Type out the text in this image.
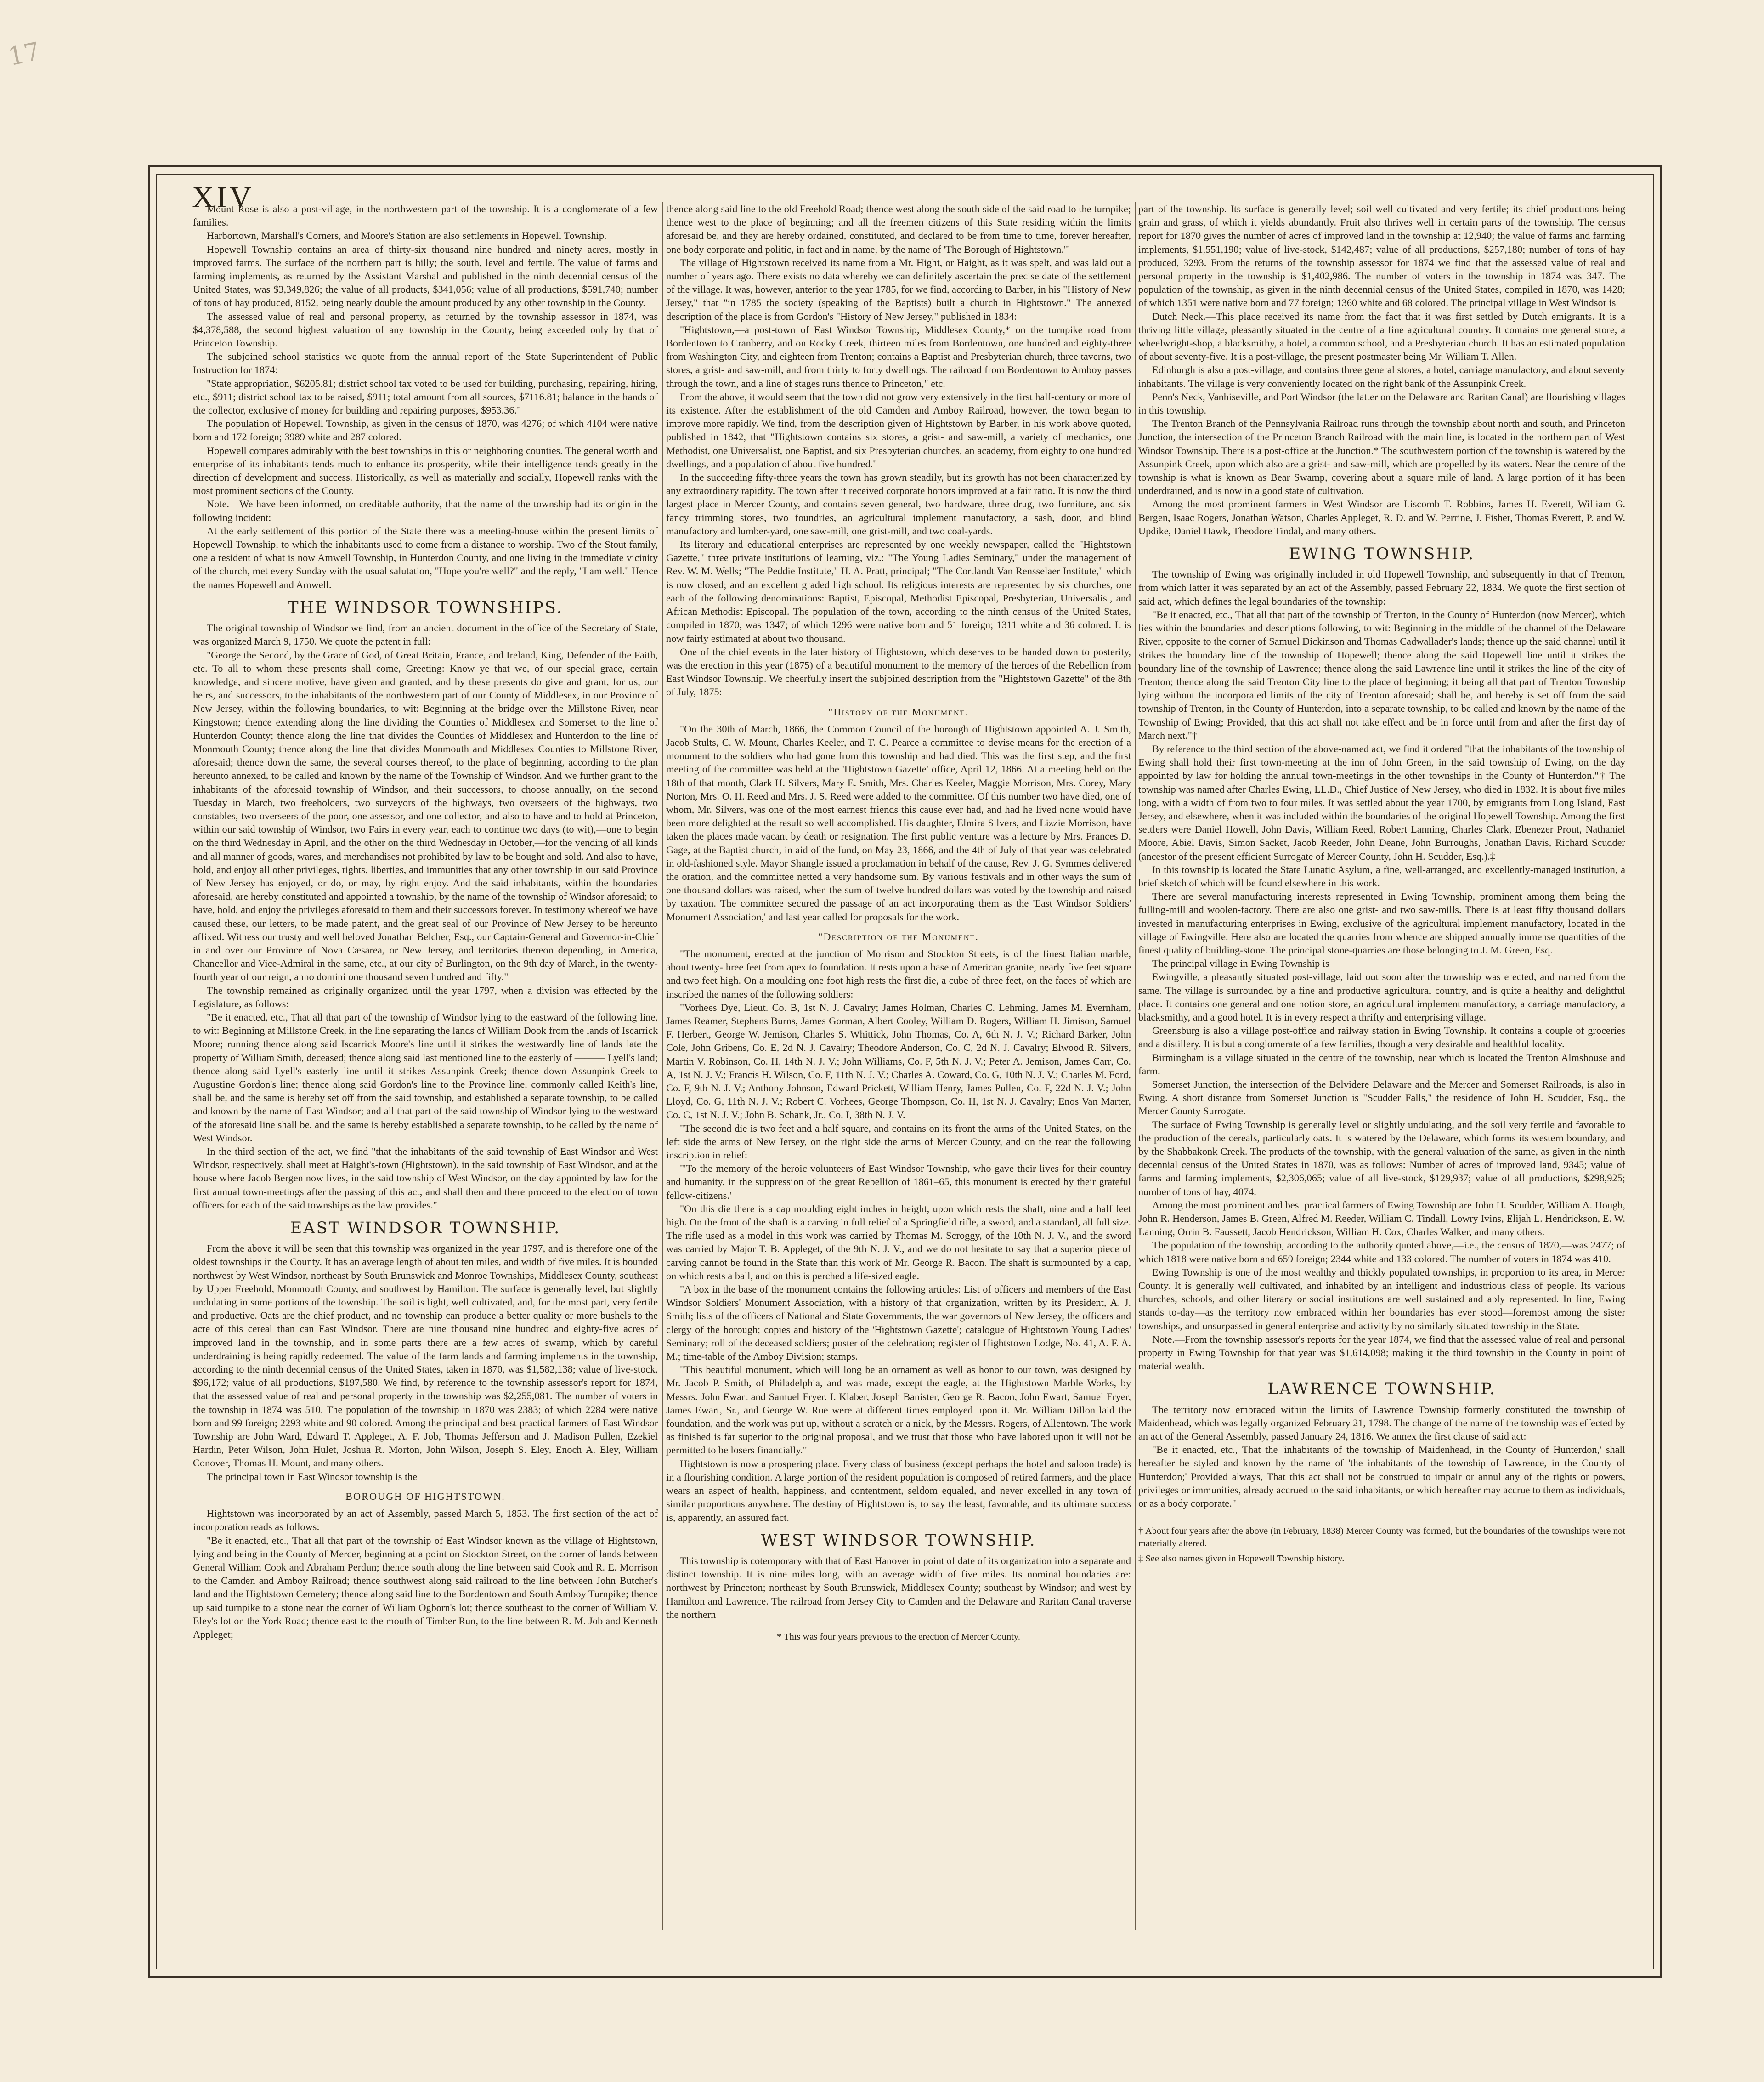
17
XIV

Mount Rose is also a post-village, in the northwestern part of the township. It is a conglomerate of a few families.

Harbortown, Marshall's Corners, and Moore's Station are also settlements in Hopewell Township.

Hopewell Township contains an area of thirty-six thousand nine hundred and ninety acres, mostly in improved farms. The surface of the northern part is hilly; the south, level and fertile. The value of farms and farming implements, as returned by the Assistant Marshal and published in the ninth decennial census of the United States, was $3,349,826; the value of all products, $341,056; value of all productions, $591,740; number of tons of hay produced, 8152, being nearly double the amount produced by any other township in the County.

The assessed value of real and personal property, as returned by the township assessor in 1874, was $4,378,588, the second highest valuation of any township in the County, being exceeded only by that of Princeton Township.

The subjoined school statistics we quote from the annual report of the State Superintendent of Public Instruction for 1874:

"State appropriation, $6205.81; district school tax voted to be used for building, purchasing, repairing, hiring, etc., $911; district school tax to be raised, $911; total amount from all sources, $7116.81; balance in the hands of the collector, exclusive of money for building and repairing purposes, $953.36."

The population of Hopewell Township, as given in the census of 1870, was 4276; of which 4104 were native born and 172 foreign; 3989 white and 287 colored.

Hopewell compares admirably with the best townships in this or neighboring counties. The general worth and enterprise of its inhabitants tends much to enhance its prosperity, while their intelligence tends greatly in the direction of development and success. Historically, as well as materially and socially, Hopewell ranks with the most prominent sections of the County.

Note.—We have been informed, on creditable authority, that the name of the township had its origin in the following incident:

At the early settlement of this portion of the State there was a meeting-house within the present limits of Hopewell Township, to which the inhabitants used to come from a distance to worship. Two of the Stout family, one a resident of what is now Amwell Township, in Hunterdon County, and one living in the immediate vicinity of the church, met every Sunday with the usual salutation, "Hope you're well?" and the reply, "I am well." Hence the names Hopewell and Amwell.

THE WINDSOR TOWNSHIPS.

The original township of Windsor we find, from an ancient document in the office of the Secretary of State, was organized March 9, 1750. We quote the patent in full:

"George the Second, by the Grace of God, of Great Britain, France, and Ireland, King, Defender of the Faith, etc. To all to whom these presents shall come, Greeting: Know ye that we, of our special grace, certain knowledge, and sincere motive, have given and granted, and by these presents do give and grant, for us, our heirs, and successors, to the inhabitants of the northwestern part of our County of Middlesex, in our Province of New Jersey, within the following boundaries, to wit: Beginning at the bridge over the Millstone River, near Kingstown; thence extending along the line dividing the Counties of Middlesex and Somerset to the line of Hunterdon County; thence along the line that divides the Counties of Middlesex and Hunterdon to the line of Monmouth County; thence along the line that divides Monmouth and Middlesex Counties to Millstone River, aforesaid; thence down the same, the several courses thereof, to the place of beginning, according to the plan hereunto annexed, to be called and known by the name of the Township of Windsor. And we further grant to the inhabitants of the aforesaid township of Windsor, and their successors, to choose annually, on the second Tuesday in March, two freeholders, two surveyors of the highways, two overseers of the highways, two constables, two overseers of the poor, one assessor, and one collector, and also to have and to hold at Princeton, within our said township of Windsor, two Fairs in every year, each to continue two days (to wit),—one to begin on the third Wednesday in April, and the other on the third Wednesday in October,—for the vending of all kinds and all manner of goods, wares, and merchandises not prohibited by law to be bought and sold. And also to have, hold, and enjoy all other privileges, rights, liberties, and immunities that any other township in our said Province of New Jersey has enjoyed, or do, or may, by right enjoy. And the said inhabitants, within the boundaries aforesaid, are hereby constituted and appointed a township, by the name of the township of Windsor aforesaid; to have, hold, and enjoy the privileges aforesaid to them and their successors forever. In testimony whereof we have caused these, our letters, to be made patent, and the great seal of our Province of New Jersey to be hereunto affixed. Witness our trusty and well beloved Jonathan Belcher, Esq., our Captain-General and Governor-in-Chief in and over our Province of Nova Cæsarea, or New Jersey, and territories thereon depending, in America, Chancellor and Vice-Admiral in the same, etc., at our city of Burlington, on the 9th day of March, in the twenty-fourth year of our reign, anno domini one thousand seven hundred and fifty."

The township remained as originally organized until the year 1797, when a division was effected by the Legislature, as follows:

"Be it enacted, etc., That all that part of the township of Windsor lying to the eastward of the following line, to wit: Beginning at Millstone Creek, in the line separating the lands of William Dook from the lands of Iscarrick Moore; running thence along said Iscarrick Moore's line until it strikes the westwardly line of lands late the property of William Smith, deceased; thence along said last mentioned line to the easterly of ——— Lyell's land; thence along said Lyell's easterly line until it strikes Assunpink Creek; thence down Assunpink Creek to Augustine Gordon's line; thence along said Gordon's line to the Province line, commonly called Keith's line, shall be, and the same is hereby set off from the said township, and established a separate township, to be called and known by the name of East Windsor; and all that part of the said township of Windsor lying to the westward of the aforesaid line shall be, and the same is hereby established a separate township, to be called by the name of West Windsor.

In the third section of the act, we find "that the inhabitants of the said township of East Windsor and West Windsor, respectively, shall meet at Haight's-town (Hightstown), in the said township of East Windsor, and at the house where Jacob Bergen now lives, in the said township of West Windsor, on the day appointed by law for the first annual town-meetings after the passing of this act, and shall then and there proceed to the election of town officers for each of the said townships as the law provides."

EAST WINDSOR TOWNSHIP.

From the above it will be seen that this township was organized in the year 1797, and is therefore one of the oldest townships in the County. It has an average length of about ten miles, and width of five miles. It is bounded northwest by West Windsor, northeast by South Brunswick and Monroe Townships, Middlesex County, southeast by Upper Freehold, Monmouth County, and southwest by Hamilton. The surface is generally level, but slightly undulating in some portions of the township. The soil is light, well cultivated, and, for the most part, very fertile and productive. Oats are the chief product, and no township can produce a better quality or more bushels to the acre of this cereal than can East Windsor. There are nine thousand nine hundred and eighty-five acres of improved land in the township, and in some parts there are a few acres of swamp, which by careful underdraining is being rapidly redeemed. The value of the farm lands and farming implements in the township, according to the ninth decennial census of the United States, taken in 1870, was $1,582,138; value of live-stock, $96,172; value of all productions, $197,580. We find, by reference to the township assessor's report for 1874, that the assessed value of real and personal property in the township was $2,255,081. The number of voters in the township in 1874 was 510. The population of the township in 1870 was 2383; of which 2284 were native born and 99 foreign; 2293 white and 90 colored. Among the principal and best practical farmers of East Windsor Township are John Ward, Edward T. Appleget, A. F. Job, Thomas Jefferson and J. Madison Pullen, Ezekiel Hardin, Peter Wilson, John Hulet, Joshua R. Morton, John Wilson, Joseph S. Eley, Enoch A. Eley, William Conover, Thomas H. Mount, and many others.

The principal town in East Windsor township is the

BOROUGH OF HIGHTSTOWN.

Hightstown was incorporated by an act of Assembly, passed March 5, 1853. The first section of the act of incorporation reads as follows:

"Be it enacted, etc., That all that part of the township of East Windsor known as the village of Hightstown, lying and being in the County of Mercer, beginning at a point on Stockton Street, on the corner of lands between General William Cook and Abraham Perdun; thence south along the line between said Cook and R. E. Morrison to the Camden and Amboy Railroad; thence southwest along said railroad to the line between John Butcher's land and the Hightstown Cemetery; thence along said line to the Bordentown and South Amboy Turnpike; thence up said turnpike to a stone near the corner of William Ogborn's lot; thence southeast to the corner of William V. Eley's lot on the York Road; thence east to the mouth of Timber Run, to the line between R. M. Job and Kenneth Appleget;

thence along said line to the old Freehold Road; thence west along the south side of the said road to the turnpike; thence west to the place of beginning; and all the freemen citizens of this State residing within the limits aforesaid be, and they are hereby ordained, constituted, and declared to be from time to time, forever hereafter, one body corporate and politic, in fact and in name, by the name of 'The Borough of Hightstown.'"

The village of Hightstown received its name from a Mr. Hight, or Haight, as it was spelt, and was laid out a number of years ago. There exists no data whereby we can definitely ascertain the precise date of the settlement of the village. It was, however, anterior to the year 1785, for we find, according to Barber, in his "History of New Jersey," that "in 1785 the society (speaking of the Baptists) built a church in Hightstown." The annexed description of the place is from Gordon's "History of New Jersey," published in 1834:

"Hightstown,—a post-town of East Windsor Township, Middlesex County,* on the turnpike road from Bordentown to Cranberry, and on Rocky Creek, thirteen miles from Bordentown, one hundred and eighty-three from Washington City, and eighteen from Trenton; contains a Baptist and Presbyterian church, three taverns, two stores, a grist- and saw-mill, and from thirty to forty dwellings. The railroad from Bordentown to Amboy passes through the town, and a line of stages runs thence to Princeton," etc.

From the above, it would seem that the town did not grow very extensively in the first half-century or more of its existence. After the establishment of the old Camden and Amboy Railroad, however, the town began to improve more rapidly. We find, from the description given of Hightstown by Barber, in his work above quoted, published in 1842, that "Hightstown contains six stores, a grist- and saw-mill, a variety of mechanics, one Methodist, one Universalist, one Baptist, and six Presbyterian churches, an academy, from eighty to one hundred dwellings, and a population of about five hundred."

In the succeeding fifty-three years the town has grown steadily, but its growth has not been characterized by any extraordinary rapidity. The town after it received corporate honors improved at a fair ratio. It is now the third largest place in Mercer County, and contains seven general, two hardware, three drug, two furniture, and six fancy trimming stores, two foundries, an agricultural implement manufactory, a sash, door, and blind manufactory and lumber-yard, one saw-mill, one grist-mill, and two coal-yards.

Its literary and educational enterprises are represented by one weekly newspaper, called the "Hightstown Gazette," three private institutions of learning, viz.: "The Young Ladies Seminary," under the management of Rev. W. M. Wells; "The Peddie Institute," H. A. Pratt, principal; "The Cortlandt Van Rensselaer Institute," which is now closed; and an excellent graded high school. Its religious interests are represented by six churches, one each of the following denominations: Baptist, Episcopal, Methodist Episcopal, Presbyterian, Universalist, and African Methodist Episcopal. The population of the town, according to the ninth census of the United States, compiled in 1870, was 1347; of which 1296 were native born and 51 foreign; 1311 white and 36 colored. It is now fairly estimated at about two thousand.

One of the chief events in the later history of Hightstown, which deserves to be handed down to posterity, was the erection in this year (1875) of a beautiful monument to the memory of the heroes of the Rebellion from East Windsor Township. We cheerfully insert the subjoined description from the "Hightstown Gazette" of the 8th of July, 1875:

"History of the Monument.

"On the 30th of March, 1866, the Common Council of the borough of Hightstown appointed A. J. Smith, Jacob Stults, C. W. Mount, Charles Keeler, and T. C. Pearce a committee to devise means for the erection of a monument to the soldiers who had gone from this township and had died. This was the first step, and the first meeting of the committee was held at the 'Hightstown Gazette' office, April 12, 1866. At a meeting held on the 18th of that month, Clark H. Silvers, Mary E. Smith, Mrs. Charles Keeler, Maggie Morrison, Mrs. Corey, Mary Norton, Mrs. O. H. Reed and Mrs. J. S. Reed were added to the committee. Of this number two have died, one of whom, Mr. Silvers, was one of the most earnest friends this cause ever had, and had he lived none would have been more delighted at the result so well accomplished. His daughter, Elmira Silvers, and Lizzie Morrison, have taken the places made vacant by death or resignation. The first public venture was a lecture by Mrs. Frances D. Gage, at the Baptist church, in aid of the fund, on May 23, 1866, and the 4th of July of that year was celebrated in old-fashioned style. Mayor Shangle issued a proclamation in behalf of the cause, Rev. J. G. Symmes delivered the oration, and the committee netted a very handsome sum. By various festivals and in other ways the sum of one thousand dollars was raised, when the sum of twelve hundred dollars was voted by the township and raised by taxation. The committee secured the passage of an act incorporating them as the 'East Windsor Soldiers' Monument Association,' and last year called for proposals for the work.

"Description of the Monument.

"The monument, erected at the junction of Morrison and Stockton Streets, is of the finest Italian marble, about twenty-three feet from apex to foundation. It rests upon a base of American granite, nearly five feet square and two feet high. On a moulding one foot high rests the first die, a cube of three feet, on the faces of which are inscribed the names of the following soldiers:

"Vorhees Dye, Lieut. Co. B, 1st N. J. Cavalry; James Holman, Charles C. Lehming, James M. Evernham, James Reamer, Stephens Burns, James Gorman, Albert Cooley, William D. Rogers, William H. Jimison, Samuel F. Herbert, George W. Jemison, Charles S. Whittick, John Thomas, Co. A, 6th N. J. V.; Richard Barker, John Cole, John Gribens, Co. E, 2d N. J. Cavalry; Theodore Anderson, Co. C, 2d N. J. Cavalry; Elwood R. Silvers, Martin V. Robinson, Co. H, 14th N. J. V.; John Williams, Co. F, 5th N. J. V.; Peter A. Jemison, James Carr, Co. A, 1st N. J. V.; Francis H. Wilson, Co. F, 11th N. J. V.; Charles A. Coward, Co. G, 10th N. J. V.; Charles M. Ford, Co. F, 9th N. J. V.; Anthony Johnson, Edward Prickett, William Henry, James Pullen, Co. F, 22d N. J. V.; John Lloyd, Co. G, 11th N. J. V.; Robert C. Vorhees, George Thompson, Co. H, 1st N. J. Cavalry; Enos Van Marter, Co. C, 1st N. J. V.; John B. Schank, Jr., Co. I, 38th N. J. V.

"The second die is two feet and a half square, and contains on its front the arms of the United States, on the left side the arms of New Jersey, on the right side the arms of Mercer County, and on the rear the following inscription in relief:

"'To the memory of the heroic volunteers of East Windsor Township, who gave their lives for their country and humanity, in the suppression of the great Rebellion of 1861–65, this monument is erected by their grateful fellow-citizens.'

"On this die there is a cap moulding eight inches in height, upon which rests the shaft, nine and a half feet high. On the front of the shaft is a carving in full relief of a Springfield rifle, a sword, and a standard, all full size. The rifle used as a model in this work was carried by Thomas M. Scroggy, of the 10th N. J. V., and the sword was carried by Major T. B. Appleget, of the 9th N. J. V., and we do not hesitate to say that a superior piece of carving cannot be found in the State than this work of Mr. George R. Bacon. The shaft is surmounted by a cap, on which rests a ball, and on this is perched a life-sized eagle.

"A box in the base of the monument contains the following articles: List of officers and members of the East Windsor Soldiers' Monument Association, with a history of that organization, written by its President, A. J. Smith; lists of the officers of National and State Governments, the war governors of New Jersey, the officers and clergy of the borough; copies and history of the 'Hightstown Gazette'; catalogue of Hightstown Young Ladies' Seminary; roll of the deceased soldiers; poster of the celebration; register of Hightstown Lodge, No. 41, A. F. A. M.; time-table of the Amboy Division; stamps.

"This beautiful monument, which will long be an ornament as well as honor to our town, was designed by Mr. Jacob P. Smith, of Philadelphia, and was made, except the eagle, at the Hightstown Marble Works, by Messrs. John Ewart and Samuel Fryer. I. Klaber, Joseph Banister, George R. Bacon, John Ewart, Samuel Fryer, James Ewart, Sr., and George W. Rue were at different times employed upon it. Mr. William Dillon laid the foundation, and the work was put up, without a scratch or a nick, by the Messrs. Rogers, of Allentown. The work as finished is far superior to the original proposal, and we trust that those who have labored upon it will not be permitted to be losers financially."

Hightstown is now a prospering place. Every class of business (except perhaps the hotel and saloon trade) is in a flourishing condition. A large portion of the resident population is composed of retired farmers, and the place wears an aspect of health, happiness, and contentment, seldom equaled, and never excelled in any town of similar proportions anywhere. The destiny of Hightstown is, to say the least, favorable, and its ultimate success is, apparently, an assured fact.

WEST WINDSOR TOWNSHIP.

This township is cotemporary with that of East Hanover in point of date of its organization into a separate and distinct township. It is nine miles long, with an average width of five miles. Its nominal boundaries are: northwest by Princeton; northeast by South Brunswick, Middlesex County; southeast by Windsor; and west by Hamilton and Lawrence. The railroad from Jersey City to Camden and the Delaware and Raritan Canal traverse the northern

* This was four years previous to the erection of Mercer County.

part of the township. Its surface is generally level; soil well cultivated and very fertile; its chief productions being grain and grass, of which it yields abundantly. Fruit also thrives well in certain parts of the township. The census report for 1870 gives the number of acres of improved land in the township at 12,940; the value of farms and farming implements, $1,551,190; value of live-stock, $142,487; value of all productions, $257,180; number of tons of hay produced, 3293. From the returns of the township assessor for 1874 we find that the assessed value of real and personal property in the township is $1,402,986. The number of voters in the township in 1874 was 347. The population of the township, as given in the ninth decennial census of the United States, compiled in 1870, was 1428; of which 1351 were native born and 77 foreign; 1360 white and 68 colored. The principal village in West Windsor is

Dutch Neck.—This place received its name from the fact that it was first settled by Dutch emigrants. It is a thriving little village, pleasantly situated in the centre of a fine agricultural country. It contains one general store, a wheelwright-shop, a blacksmithy, a hotel, a common school, and a Presbyterian church. It has an estimated population of about seventy-five. It is a post-village, the present postmaster being Mr. William T. Allen.

Edinburgh is also a post-village, and contains three general stores, a hotel, carriage manufactory, and about seventy inhabitants. The village is very conveniently located on the right bank of the Assunpink Creek.

Penn's Neck, Vanhiseville, and Port Windsor (the latter on the Delaware and Raritan Canal) are flourishing villages in this township.

The Trenton Branch of the Pennsylvania Railroad runs through the township about north and south, and Princeton Junction, the intersection of the Princeton Branch Railroad with the main line, is located in the northern part of West Windsor Township. There is a post-office at the Junction.* The southwestern portion of the township is watered by the Assunpink Creek, upon which also are a grist- and saw-mill, which are propelled by its waters. Near the centre of the township is what is known as Bear Swamp, covering about a square mile of land. A large portion of it has been underdrained, and is now in a good state of cultivation.

Among the most prominent farmers in West Windsor are Liscomb T. Robbins, James H. Everett, William G. Bergen, Isaac Rogers, Jonathan Watson, Charles Appleget, R. D. and W. Perrine, J. Fisher, Thomas Everett, P. and W. Updike, Daniel Hawk, Theodore Tindal, and many others.

EWING TOWNSHIP.

The township of Ewing was originally included in old Hopewell Township, and subsequently in that of Trenton, from which latter it was separated by an act of the Assembly, passed February 22, 1834. We quote the first section of said act, which defines the legal boundaries of the township:

"Be it enacted, etc., That all that part of the township of Trenton, in the County of Hunterdon (now Mercer), which lies within the boundaries and descriptions following, to wit: Beginning in the middle of the channel of the Delaware River, opposite to the corner of Samuel Dickinson and Thomas Cadwallader's lands; thence up the said channel until it strikes the boundary line of the township of Hopewell; thence along the said Hopewell line until it strikes the boundary line of the township of Lawrence; thence along the said Lawrence line until it strikes the line of the city of Trenton; thence along the said Trenton City line to the place of beginning; it being all that part of Trenton Township lying without the incorporated limits of the city of Trenton aforesaid; shall be, and hereby is set off from the said township of Trenton, in the County of Hunterdon, into a separate township, to be called and known by the name of the Township of Ewing; Provided, that this act shall not take effect and be in force until from and after the first day of March next."†

By reference to the third section of the above-named act, we find it ordered "that the inhabitants of the township of Ewing shall hold their first town-meeting at the inn of John Green, in the said township of Ewing, on the day appointed by law for holding the annual town-meetings in the other townships in the County of Hunterdon."† The township was named after Charles Ewing, LL.D., Chief Justice of New Jersey, who died in 1832. It is about five miles long, with a width of from two to four miles. It was settled about the year 1700, by emigrants from Long Island, East Jersey, and elsewhere, when it was included within the boundaries of the original Hopewell Township. Among the first settlers were Daniel Howell, John Davis, William Reed, Robert Lanning, Charles Clark, Ebenezer Prout, Nathaniel Moore, Abiel Davis, Simon Sacket, Jacob Reeder, John Deane, John Burroughs, Jonathan Davis, Richard Scudder (ancestor of the present efficient Surrogate of Mercer County, John H. Scudder, Esq.).‡

In this township is located the State Lunatic Asylum, a fine, well-arranged, and excellently-managed institution, a brief sketch of which will be found elsewhere in this work.

There are several manufacturing interests represented in Ewing Township, prominent among them being the fulling-mill and woolen-factory. There are also one grist- and two saw-mills. There is at least fifty thousand dollars invested in manufacturing enterprises in Ewing, exclusive of the agricultural implement manufactory, located in the village of Ewingville. Here also are located the quarries from whence are shipped annually immense quantities of the finest quality of building-stone. The principal stone-quarries are those belonging to J. M. Green, Esq.

The principal village in Ewing Township is

Ewingville, a pleasantly situated post-village, laid out soon after the township was erected, and named from the same. The village is surrounded by a fine and productive agricultural country, and is quite a healthy and delightful place. It contains one general and one notion store, an agricultural implement manufactory, a carriage manufactory, a blacksmithy, and a good hotel. It is in every respect a thrifty and enterprising village.

Greensburg is also a village post-office and railway station in Ewing Township. It contains a couple of groceries and a distillery. It is but a conglomerate of a few families, though a very desirable and healthful locality.

Birmingham is a village situated in the centre of the township, near which is located the Trenton Almshouse and farm.

Somerset Junction, the intersection of the Belvidere Delaware and the Mercer and Somerset Railroads, is also in Ewing. A short distance from Somerset Junction is "Scudder Falls," the residence of John H. Scudder, Esq., the Mercer County Surrogate.

The surface of Ewing Township is generally level or slightly undulating, and the soil very fertile and favorable to the production of the cereals, particularly oats. It is watered by the Delaware, which forms its western boundary, and by the Shabbakonk Creek. The products of the township, with the general valuation of the same, as given in the ninth decennial census of the United States in 1870, was as follows: Number of acres of improved land, 9345; value of farms and farming implements, $2,306,065; value of all live-stock, $129,937; value of all productions, $298,925; number of tons of hay, 4074.

Among the most prominent and best practical farmers of Ewing Township are John H. Scudder, William A. Hough, John R. Henderson, James B. Green, Alfred M. Reeder, William C. Tindall, Lowry Ivins, Elijah L. Hendrickson, E. W. Lanning, Orrin B. Faussett, Jacob Hendrickson, William H. Cox, Charles Walker, and many others.

The population of the township, according to the authority quoted above,—i.e., the census of 1870,—was 2477; of which 1818 were native born and 659 foreign; 2344 white and 133 colored. The number of voters in 1874 was 410.

Ewing Township is one of the most wealthy and thickly populated townships, in proportion to its area, in Mercer County. It is generally well cultivated, and inhabited by an intelligent and industrious class of people. Its various churches, schools, and other literary or social institutions are well sustained and ably represented. In fine, Ewing stands to-day—as the territory now embraced within her boundaries has ever stood—foremost among the sister townships, and unsurpassed in general enterprise and activity by no similarly situated township in the State.

Note.—From the township assessor's reports for the year 1874, we find that the assessed value of real and personal property in Ewing Township for that year was $1,614,098; making it the third township in the County in point of material wealth.

LAWRENCE TOWNSHIP.

The territory now embraced within the limits of Lawrence Township formerly constituted the township of Maidenhead, which was legally organized February 21, 1798. The change of the name of the township was effected by an act of the General Assembly, passed January 24, 1816. We annex the first clause of said act:

"Be it enacted, etc., That the 'inhabitants of the township of Maidenhead, in the County of Hunterdon,' shall hereafter be styled and known by the name of 'the inhabitants of the township of Lawrence, in the County of Hunterdon;' Provided always, That this act shall not be construed to impair or annul any of the rights or powers, privileges or immunities, already accrued to the said inhabitants, or which hereafter may accrue to them as individuals, or as a body corporate."

† About four years after the above (in February, 1838) Mercer County was formed, but the boundaries of the townships were not materially altered.

‡ See also names given in Hopewell Township history.
